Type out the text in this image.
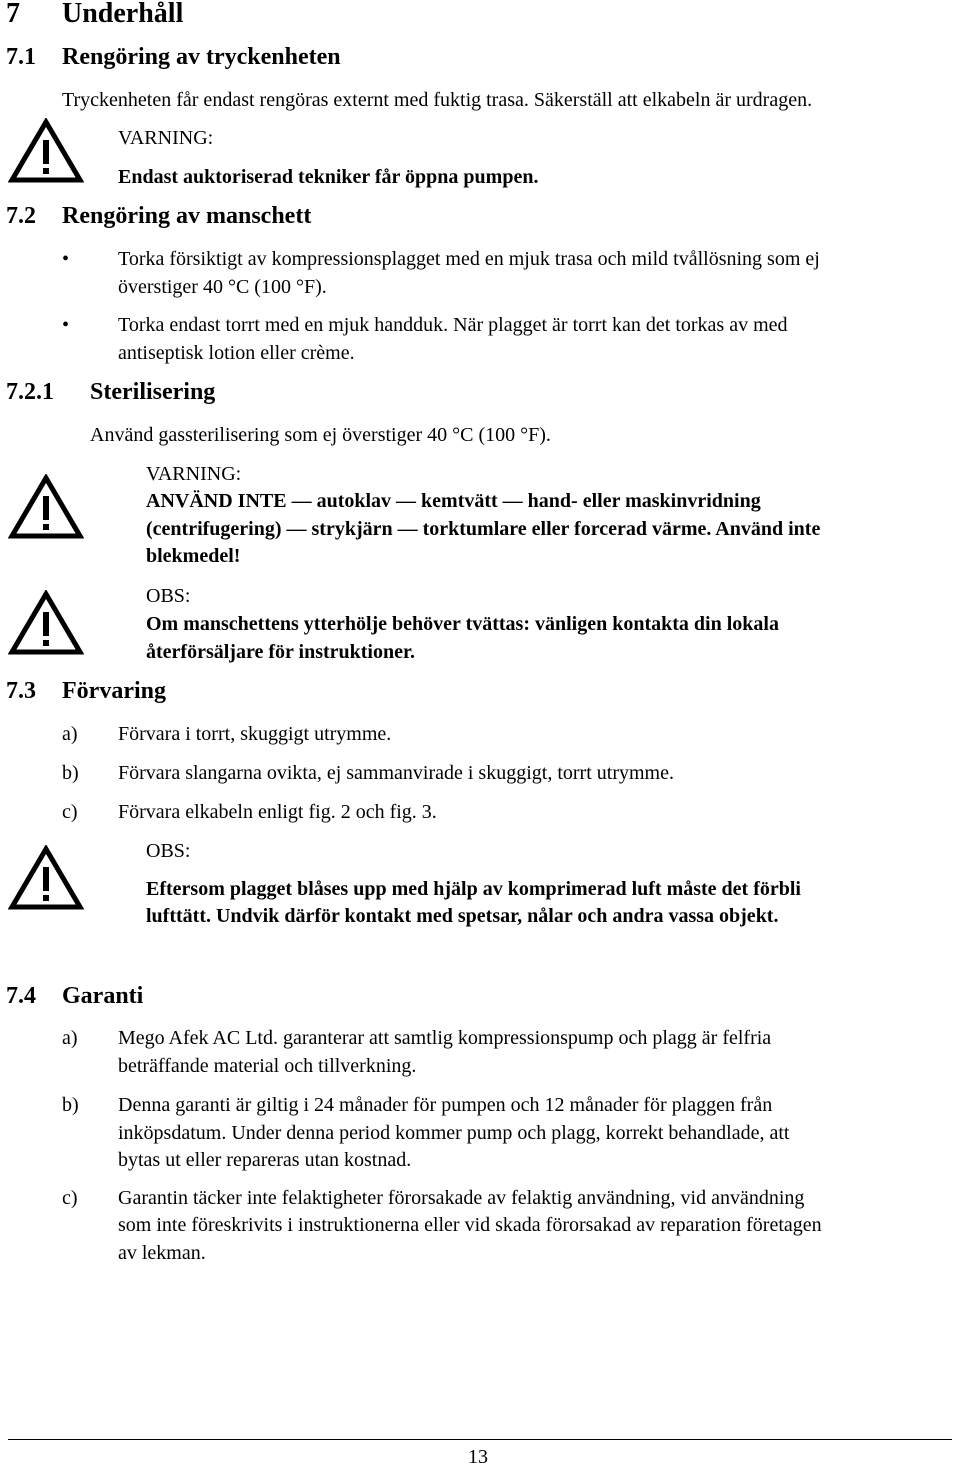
7 Underhåll
7.1 Rengöring av tryckenheten
Tryckenheten får endast rengöras externt med fuktig trasa. Säkerställ att elkabeln är urdragen.
VARNING:
Endast auktoriserad tekniker får öppna pumpen.
7.2 Rengöring av manschett
• Torka försiktigt av kompressionsplagget med en mjuk trasa och mild tvållösning som ej
överstiger 40 °C (100 °F).
• Torka endast torrt med en mjuk handduk. När plagget är torrt kan det torkas av med
antiseptisk lotion eller crème.
7.2.1 Sterilisering
Använd gassterilisering som ej överstiger 40 °C (100 °F).
VARNING:
ANVÄND INTE — autoklav — kemtvätt — hand- eller maskinvridning
(centrifugering) — strykjärn — torktumlare eller forcerad värme. Använd inte
blekmedel!
OBS:
Om manschettens ytterhölje behöver tvättas: vänligen kontakta din lokala
återförsäljare för instruktioner.
7.3 Förvaring
a) Förvara i torrt, skuggigt utrymme.
b) Förvara slangarna ovikta, ej sammanvirade i skuggigt, torrt utrymme.
c) Förvara elkabeln enligt fig. 2 och fig. 3.
OBS:
Eftersom plagget blåses upp med hjälp av komprimerad luft måste det förbli
lufttätt. Undvik därför kontakt med spetsar, nålar och andra vassa objekt.
7.4 Garanti
a) Mego Afek AC Ltd. garanterar att samtlig kompressionspump och plagg är felfria
beträffande material och tillverkning.
b) Denna garanti är giltig i 24 månader för pumpen och 12 månader för plaggen från
inköpsdatum. Under denna period kommer pump och plagg, korrekt behandlade, att
bytas ut eller repareras utan kostnad.
c) Garantin täcker inte felaktigheter förorsakade av felaktig användning, vid användning
som inte föreskrivits i instruktionerna eller vid skada förorsakad av reparation företagen
av lekman.
13
